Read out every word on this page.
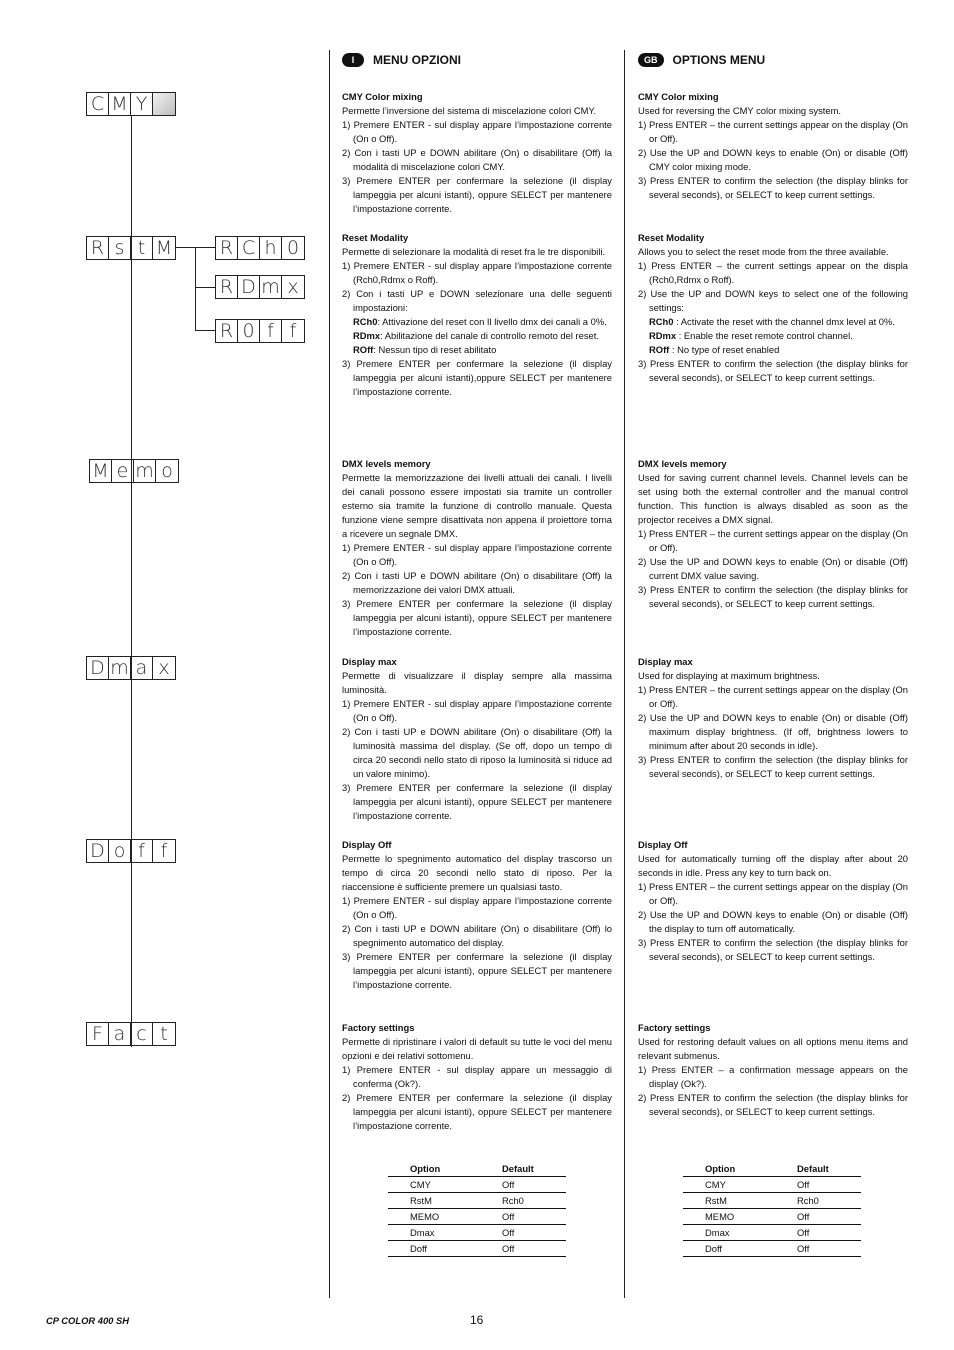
C M Y
R s t M	R C h 0
R D m x
R 0 f f
M e m o
D m a x
D o f f
F a c t
I	MENU OPZIONI
CMY Color mixing

Permette l’inversione del sistema di miscelazione colori CMY.

1) Premere ENTER - sul display appare l’impostazione corrente (On o Off).
2) Con i tasti UP e DOWN abilitare (On) o disabilitare (Off) la modalità di miscelazione colori CMY.
3) Premere ENTER per confermare la selezione (il display lampeggia per alcuni istanti), oppure SELECT per mantenere l’impostazione corrente.
Reset Modality

Permette di selezionare la modalità di reset fra le tre disponibili.

1) Premere ENTER - sul display appare l’impostazione corrente (Rch0,Rdmx o Roff).
2) Con i tasti UP e DOWN selezionare una delle seguenti impostazioni:
RCh0: Attivazione del reset con Il livello dmx dei canali a 0%.
RDmx: Abilitazione del canale di controllo remoto del reset.
ROff: Nessun tipo di reset abilitato
3) Premere ENTER per confermare la selezione (il display lampeggia per alcuni istanti),oppure SELECT per mantenere l’impostazione corrente.
DMX levels memory

Permette la memorizzazione dei livelli attuali dei canali. I livelli dei canali possono essere impostati sia tramite un controller esterno sia tramite la funzione di controllo manuale. Questa funzione viene sempre disattivata non appena il proiettore torna a ricevere un segnale DMX.

1) Premere ENTER - sul display appare l’impostazione corrente (On o Off).
2) Con i tasti UP e DOWN abilitare (On) o disabilitare (Off) la memorizzazione dei valori DMX attuali.
3) Premere ENTER per confermare la selezione (il display lampeggia per alcuni istanti), oppure SELECT per mantenere l’impostazione corrente.
Display max

Permette di visualizzare il display sempre alla massima luminosità.

1) Premere ENTER - sul display appare l’impostazione corrente (On o Off).
2) Con i tasti UP e DOWN abilitare (On) o disabilitare (Off) la luminosità massima del display. (Se off, dopo un tempo di circa 20 secondi nello stato di riposo la luminosità si riduce ad un valore minimo).
3) Premere ENTER per confermare la selezione (il display lampeggia per alcuni istanti), oppure SELECT per mantenere l’impostazione corrente.
Display Off

Permette lo spegnimento automatico del display trascorso un tempo di circa 20 secondi nello stato di riposo. Per la riaccensione è sufficiente premere un qualsiasi tasto.

1) Premere ENTER - sul display appare l’impostazione corrente (On o Off).
2) Con i tasti UP e DOWN abilitare (On) o disabilitare (Off) lo spegnimento automatico del display.
3) Premere ENTER per confermare la selezione (il display lampeggia per alcuni istanti), oppure SELECT per mantenere l’impostazione corrente.
Factory settings

Permette di ripristinare i valori di default su tutte le voci del menu opzioni e dei relativi sottomenu.

1) Premere ENTER - sul display appare un messaggio di conferma (Ok?).
2) Premere ENTER per confermare la selezione (il display lampeggia per alcuni istanti), oppure SELECT per mantenere l’impostazione corrente.
GB	OPTIONS MENU
CMY Color mixing

Used for reversing the CMY color mixing system.

1) Press ENTER – the current settings appear on the display (On or Off).
2) Use the UP and DOWN keys to enable (On) or disable (Off) CMY color mixing mode.
3) Press ENTER to confirm the selection (the display blinks for several seconds), or SELECT to keep current settings.
Reset Modality

Allows you to select the reset mode from the three available.

1) Press ENTER – the current settings appear on the displa (Rch0,Rdmx o Roff).
2) Use the UP and DOWN keys to select one of the following settings:
RCh0 : Activate the reset with the channel dmx level at 0%.
RDmx : Enable the reset remote control channel.
ROff : No type of reset enabled
3) Press ENTER to confirm the selection (the display blinks for several seconds), or SELECT to keep current settings.
DMX levels memory

Used for saving current channel levels. Channel levels can be set using both the external controller and the manual control function. This function is always disabled as soon as the projector receives a DMX signal.

1) Press ENTER – the current settings appear on the display (On or Off).
2) Use the UP and DOWN keys to enable (On) or disable (Off) current DMX value saving.
3) Press ENTER to confirm the selection (the display blinks for several seconds), or SELECT to keep current settings.
Display max

Used for displaying at maximum brightness.

1) Press ENTER – the current settings appear on the display (On or Off).
2) Use the UP and DOWN keys to enable (On) or disable (Off) maximum display brightness. (If off, brightness lowers to minimum after about 20 seconds in idle).
3) Press ENTER to confirm the selection (the display blinks for several seconds), or SELECT to keep current settings.
Display Off

Used for automatically turning off the display after about 20 seconds in idle. Press any key to turn back on.

1) Press ENTER – the current settings appear on the display (On or Off).
2) Use the UP and DOWN keys to enable (On) or disable (Off) the display to turn off automatically.
3) Press ENTER to confirm the selection (the display blinks for several seconds), or SELECT to keep current settings.
Factory settings

Used for restoring default values on all options menu items and relevant submenus.

1) Press ENTER – a confirmation message appears on the display (Ok?).
2) Press ENTER to confirm the selection (the display blinks for several seconds), or SELECT to keep current settings.
Option	Default
CMY	Off
RstM	Rch0
MEMO	Off
Dmax	Off
Doff	Off
Option	Default
CMY	Off
RstM	Rch0
MEMO	Off
Dmax	Off
Doff	Off
CP COLOR 400 SH	16
